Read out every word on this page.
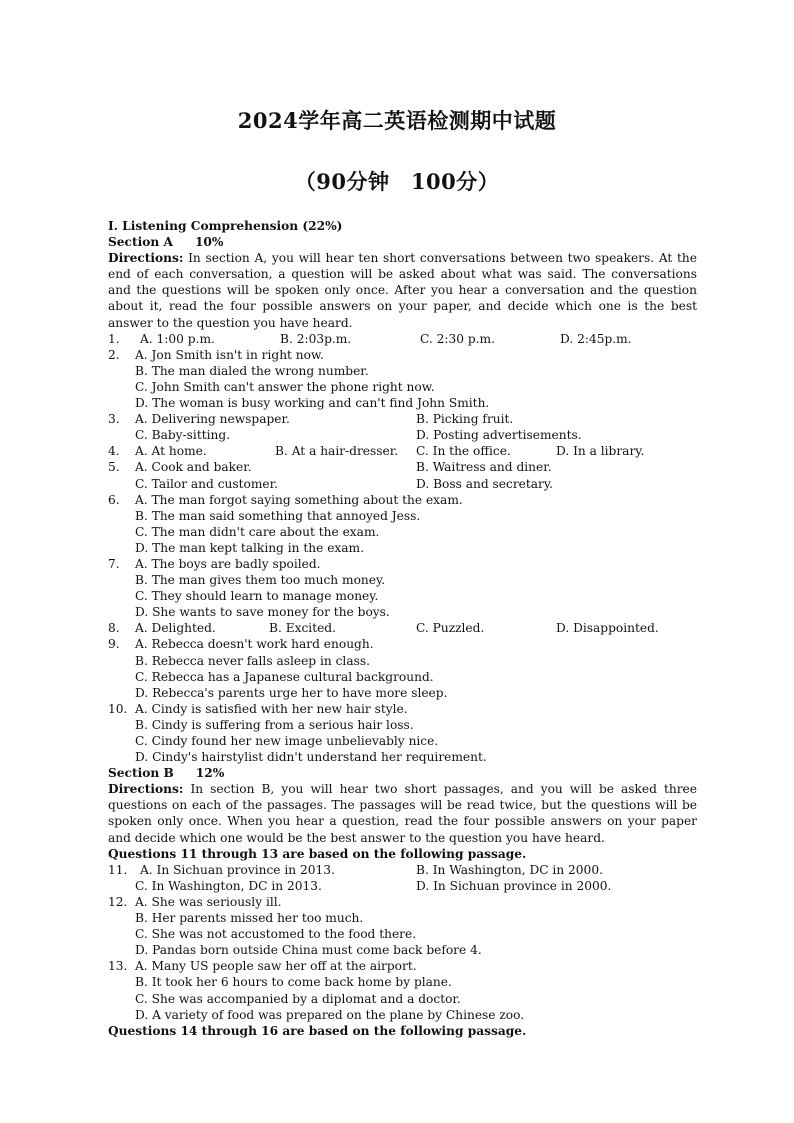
2024学年高二英语检测期中试题
（90分钟　100分）
Ⅰ. Listening Comprehension (22%)
Section A 10%
Directions: In section A, you will hear ten short conversations between two speakers. At the end of each conversation, a question will be asked about what was said. The conversations and the questions will be spoken only once. After you hear a conversation and the question about it, read the four possible answers on your paper, and decide which one is the best answer to the question you have heard.
1.	A. 1:00 p.m.	B. 2:03p.m.	C. 2:30 p.m.	D. 2:45p.m.
2.	A. Jon Smith isn't in right now.
B. The man dialed the wrong number.
C. John Smith can't answer the phone right now.
D. The woman is busy working and can't find John Smith.
3.	A. Delivering newspaper.	B. Picking fruit.
C. Baby-sitting.	D. Posting advertisements.
4.	A. At home.	B. At a hair-dresser.	C. In the office.	D. In a library.
5.	A. Cook and baker.	B. Waitress and diner.
C. Tailor and customer.	D. Boss and secretary.
6.	A. The man forgot saying something about the exam.
B. The man said something that annoyed Jess.
C. The man didn't care about the exam.
D. The man kept talking in the exam.
7.	A. The boys are badly spoiled.
B. The man gives them too much money.
C. They should learn to manage money.
D. She wants to save money for the boys.
8.	A. Delighted.	B. Excited.	C. Puzzled.	D. Disappointed.
9.	A. Rebecca doesn't work hard enough.
B. Rebecca never falls asleep in class.
C. Rebecca has a Japanese cultural background.
D. Rebecca's parents urge her to have more sleep.
10. A. Cindy is satisfied with her new hair style.
B. Cindy is suffering from a serious hair loss.
C. Cindy found her new image unbelievably nice.
D. Cindy's hairstylist didn't understand her requirement.
Section B 12%
Directions: In section B, you will hear two short passages, and you will be asked three questions on each of the passages. The passages will be read twice, but the questions will be spoken only once. When you hear a question, read the four possible answers on your paper and decide which one would be the best answer to the question you have heard.
Questions 11 through 13 are based on the following passage.
11.	A. In Sichuan province in 2013.	B. In Washington, DC in 2000.
C. In Washington, DC in 2013.	D. In Sichuan province in 2000.
12. A. She was seriously ill.
B. Her parents missed her too much.
C. She was not accustomed to the food there.
D. Pandas born outside China must come back before 4.
13. A. Many US people saw her off at the airport.
B. It took her 6 hours to come back home by plane.
C. She was accompanied by a diplomat and a doctor.
D. A variety of food was prepared on the plane by Chinese zoo.
Questions 14 through 16 are based on the following passage.
